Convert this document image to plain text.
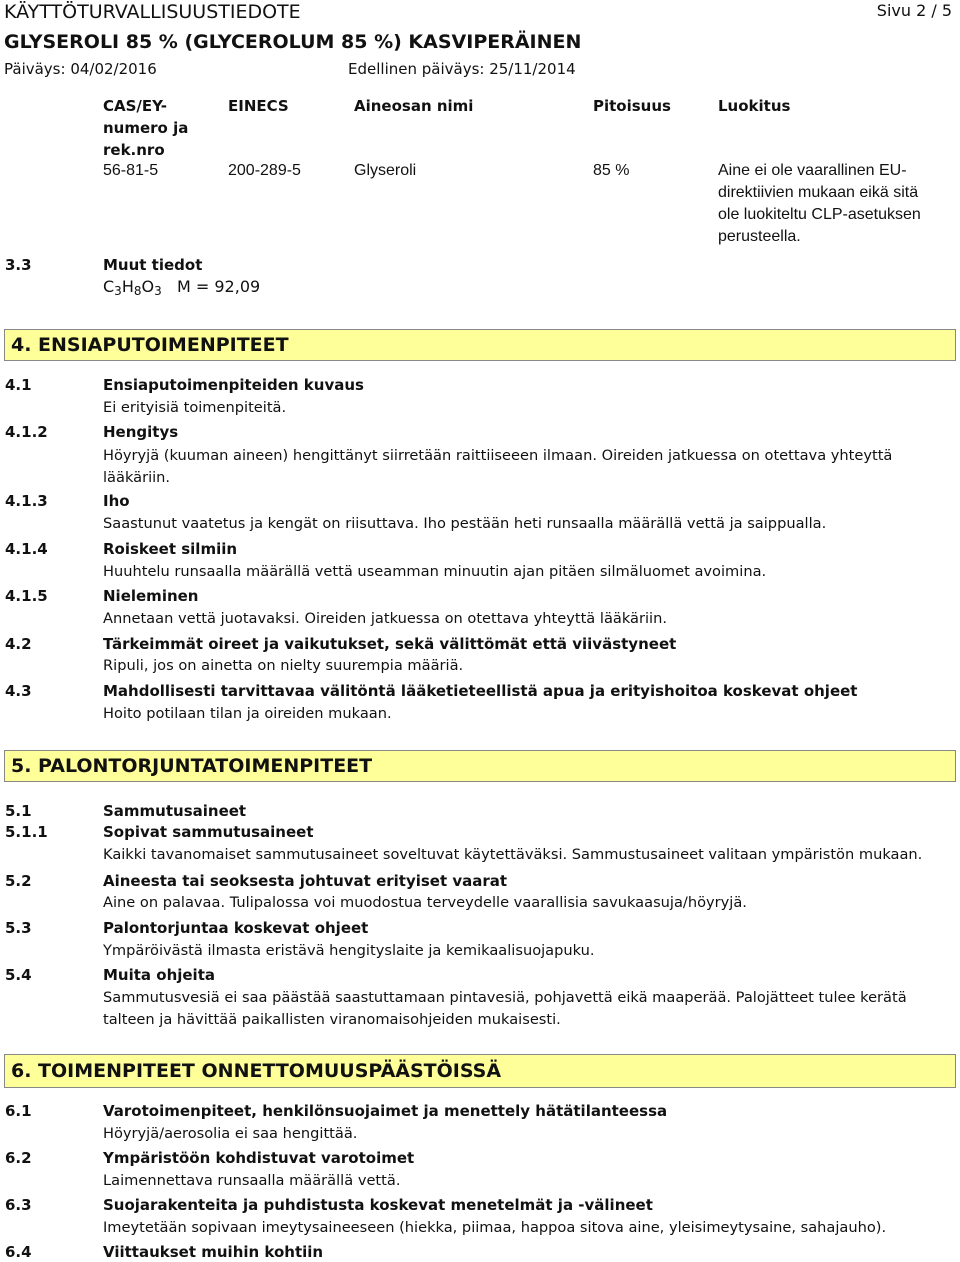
KÄYTTÖTURVALLISUUSTIEDOTE	Sivu 2 / 5
GLYSEROLI 85 % (GLYCEROLUM 85 %) KASVIPERÄINEN
Päiväys: 04/02/2016	Edellinen päiväys: 25/11/2014
CAS/EY-
numero ja
rek.nro
EINECS	Aineosan nimi	Pitoisuus	Luokitus
56-81-5	200-289-5	Glyseroli	85 %	Aine ei ole vaarallinen EU-
direktiivien mukaan eikä sitä
ole luokiteltu CLP-asetuksen
perusteella.
3.3	Muut tiedot
$C_3H_8O_3$ M = 92,09
4. ENSIAPUTOIMENPITEET
4.1	Ensiaputoimenpiteiden kuvaus
Ei erityisiä toimenpiteitä.
4.1.2	Hengitys
Höyryjä (kuuman aineen) hengittänyt siirretään raittiiseeen ilmaan. Oireiden jatkuessa on otettava yhteyttä
lääkäriin.
4.1.3	Iho
Saastunut vaatetus ja kengät on riisuttava. Iho pestään heti runsaalla määrällä vettä ja saippualla.
4.1.4	Roiskeet silmiin
Huuhtelu runsaalla määrällä vettä useamman minuutin ajan pitäen silmäluomet avoimina.
4.1.5	Nieleminen
Annetaan vettä juotavaksi. Oireiden jatkuessa on otettava yhteyttä lääkäriin.
4.2	Tärkeimmät oireet ja vaikutukset, sekä välittömät että viivästyneet
Ripuli, jos on ainetta on nielty suurempia määriä.
4.3	Mahdollisesti tarvittavaa välitöntä lääketieteellistä apua ja erityishoitoa koskevat ohjeet
Hoito potilaan tilan ja oireiden mukaan.
5. PALONTORJUNTATOIMENPITEET
5.1	Sammutusaineet
5.1.1	Sopivat sammutusaineet
Kaikki tavanomaiset sammutusaineet soveltuvat käytettäväksi. Sammustusaineet valitaan ympäristön mukaan.
5.2	Aineesta tai seoksesta johtuvat erityiset vaarat
Aine on palavaa. Tulipalossa voi muodostua terveydelle vaarallisia savukaasuja/höyryjä.
5.3	Palontorjuntaa koskevat ohjeet
Ympäröivästä ilmasta eristävä hengityslaite ja kemikaalisuojapuku.
5.4	Muita ohjeita
Sammutusvesiä ei saa päästää saastuttamaan pintavesiä, pohjavettä eikä maaperää. Palojätteet tulee kerätä
talteen ja hävittää paikallisten viranomaisohjeiden mukaisesti.
6. TOIMENPITEET ONNETTOMUUSPÄÄSTÖISSÄ
6.1	Varotoimenpiteet, henkilönsuojaimet ja menettely hätätilanteessa
Höyryjä/aerosolia ei saa hengittää.
6.2	Ympäristöön kohdistuvat varotoimet
Laimennettava runsaalla määrällä vettä.
6.3	Suojarakenteita ja puhdistusta koskevat menetelmät ja -välineet
Imeytetään sopivaan imeytysaineeseen (hiekka, piimaa, happoa sitova aine, yleisimeytysaine, sahajauho).
6.4	Viittaukset muihin kohtiin
